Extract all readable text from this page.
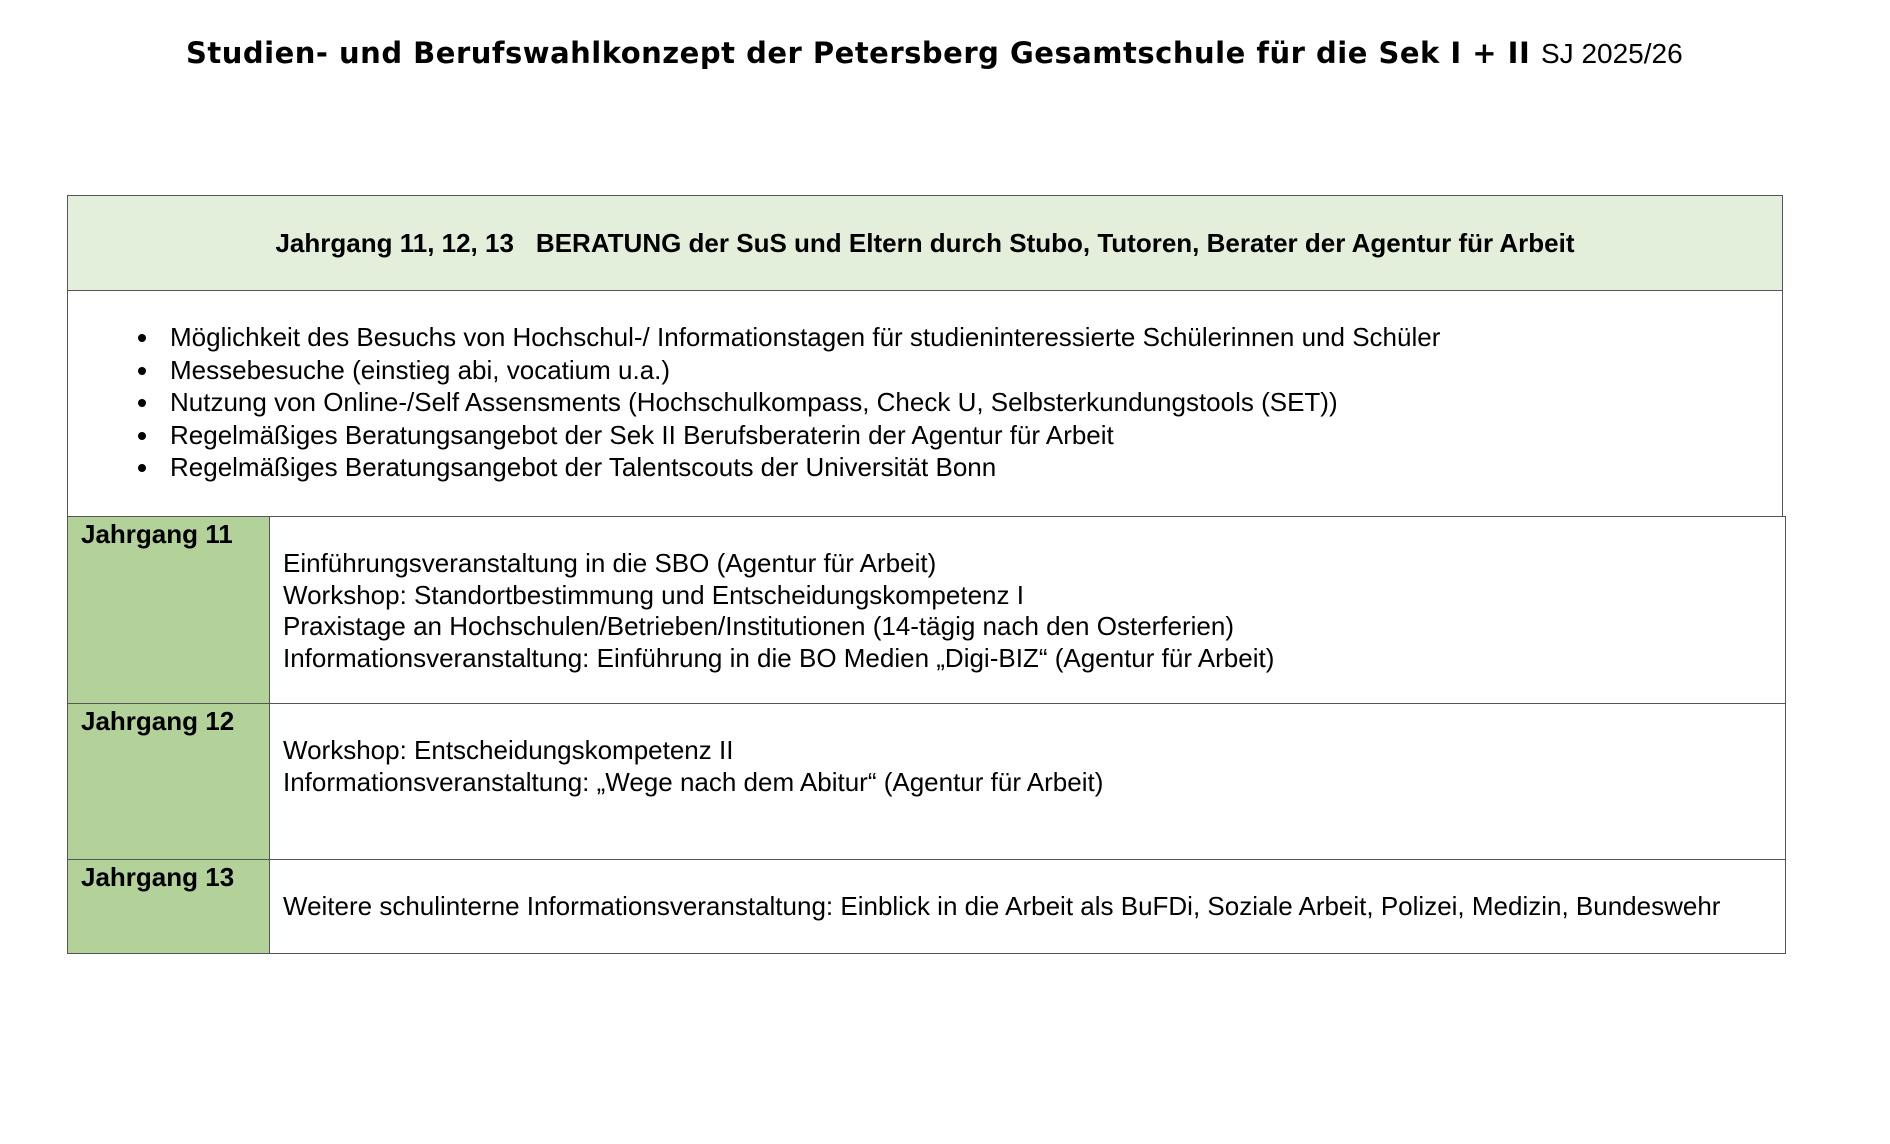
Studien- und Berufswahlkonzept der Petersberg Gesamtschule für die Sek I + II SJ 2025/26
Jahrgang 11, 12, 13 BERATUNG der SuS und Eltern durch Stubo, Tutoren, Berater der Agentur für Arbeit
Möglichkeit des Besuchs von Hochschul-/ Informationstagen für studieninteressierte Schülerinnen und Schüler
Messebesuche (einstieg abi, vocatium u.a.)
Nutzung von Online-/Self Assensments (Hochschulkompass, Check U, Selbsterkundungstools (SET))
Regelmäßiges Beratungsangebot der Sek II Berufsberaterin der Agentur für Arbeit
Regelmäßiges Beratungsangebot der Talentscouts der Universität Bonn
Jahrgang 11	Einführungsveranstaltung in die SBO (Agentur für Arbeit)
Workshop: Standortbestimmung und Entscheidungskompetenz I
Praxistage an Hochschulen/Betrieben/Institutionen (14-tägig nach den Osterferien)
Informationsveranstaltung: Einführung in die BO Medien „Digi-BIZ“ (Agentur für Arbeit)

Jahrgang 12	Workshop: Entscheidungskompetenz II
Informationsveranstaltung: „Wege nach dem Abitur“ (Agentur für Arbeit)

Jahrgang 13	Weitere schulinterne Informationsveranstaltung: Einblick in die Arbeit als BuFDi, Soziale Arbeit, Polizei, Medizin, Bundeswehr
